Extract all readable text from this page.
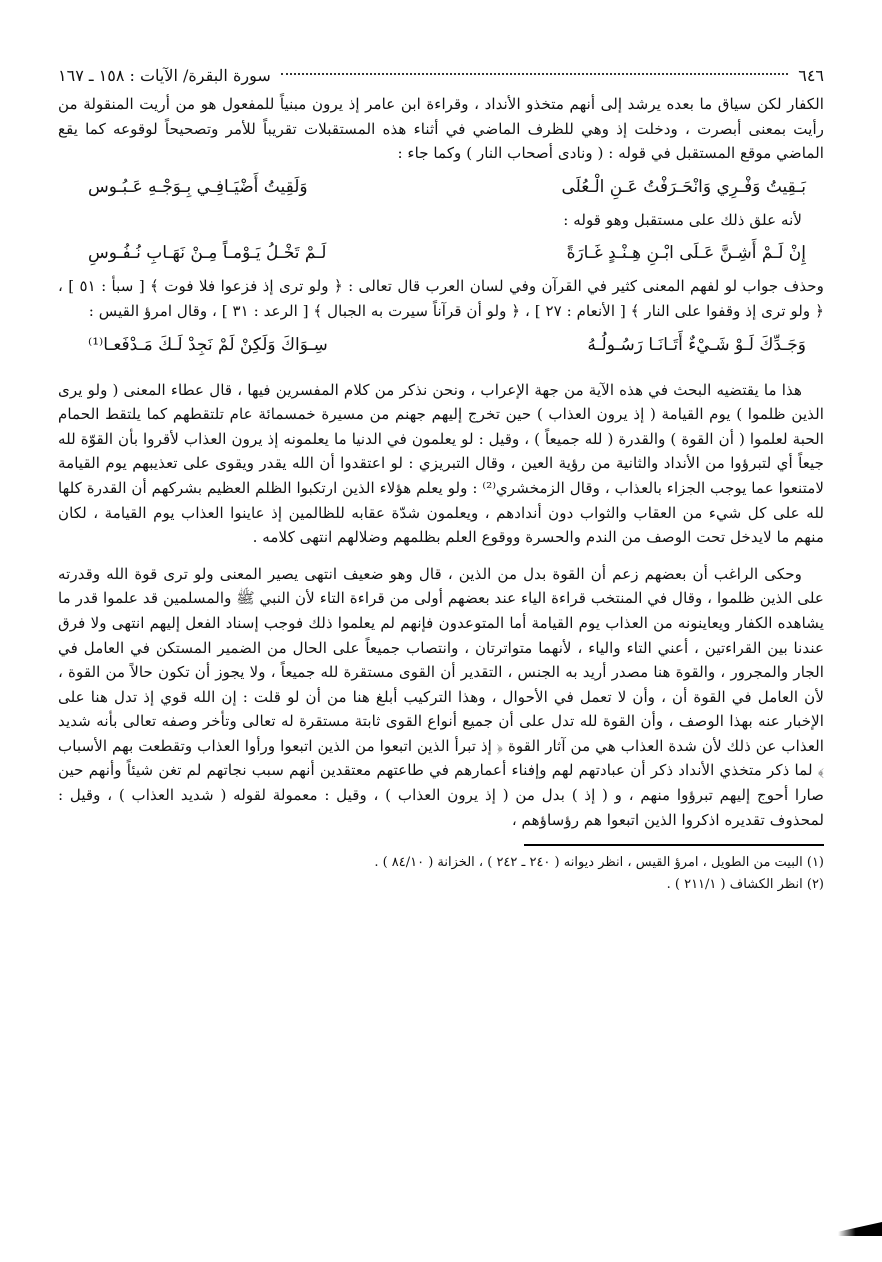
٦٤٦
سورة البقرة/ الآيات : ١٥٨ ـ ١٦٧

الكفار لكن سياق ما بعده يرشد إلى أنهم متخذو الأنداد ، وقراءة ابن عامر إذ يرون مبنياً للمفعول هو من أريت المنقولة من رأيت بمعنى أبصرت ، ودخلت إذ وهي للظرف الماضي في أثناء هذه المستقبلات تقريباً للأمر وتصحيحاً لوقوعه كما يقع الماضي موقع المستقبل في قوله : ( ونادى أصحاب النار ) وكما جاء :

بَـقِيتُ وَفْـرِي وَانْحَـرَفْتُ عَـنِ الْـعُلَى
وَلَقِيتُ أَضْيَـافِـي بِـوَجْـهِ عَـبُـوس

لأنه علق ذلك على مستقبل وهو قوله :

إِنْ لَـمْ أَشِـنَّ عَـلَى ابْـنِ هِـنْـدٍ غَـارَةً
لَـمْ تَخْـلُ يَـوْمـاً مِـنْ نَهَـابِ نُـفُـوسِ

وحذف جواب لو لفهم المعنى كثير في القرآن وفي لسان العرب قال تعالى : ﴿ ولو ترى إذ فزعوا فلا فوت ﴾ [ سبأ : ٥١ ] ، ﴿ ولو ترى إذ وقفوا على النار ﴾ [ الأنعام : ٢٧ ] ، ﴿ ولو أن قرآناً سيرت به الجبال ﴾ [ الرعد : ٣١ ] ، وقال امرؤ القيس :

وَجَـدِّكَ لَـوْ شَـيْءٌ أَتَـانَـا رَسُـولُـهُ
سِـوَاكَ وَلَكِنْ لَمْ نَجِدْ لَـكَ مَـدْفَعـا⁽¹⁾

هذا ما يقتضيه البحث في هذه الآية من جهة الإعراب ، ونحن نذكر من كلام المفسرين فيها ، قال عطاء المعنى ( ولو يرى الذين ظلموا ) يوم القيامة ( إذ يرون العذاب ) حين تخرج إليهم جهنم من مسيرة خمسمائة عام تلتقطهم كما يلتقط الحمام الحبة لعلموا ( أن القوة ) والقدرة ( لله جميعاً ) ، وقيل : لو يعلمون في الدنيا ما يعلمونه إذ يرون العذاب لأقروا بأن القوّة لله جيعاً أي لتبرؤوا من الأنداد والثانية من رؤية العين ، وقال التبريزي : لو اعتقدوا أن الله يقدر ويقوى على تعذيبهم يوم القيامة لامتنعوا عما يوجب الجزاء بالعذاب ، وقال الزمخشري⁽²⁾ : ولو يعلم هؤلاء الذين ارتكبوا الظلم العظيم بشركهم أن القدرة كلها لله على كل شيء من العقاب والثواب دون أندادهم ، ويعلمون شدّة عقابه للظالمين إذ عاينوا العذاب يوم القيامة ، لكان منهم ما لايدخل تحت الوصف من الندم والحسرة ووقوع العلم بظلمهم وضلالهم انتهى كلامه .

وحكى الراغب أن بعضهم زعم أن القوة بدل من الذين ، قال وهو ضعيف انتهى يصير المعنى ولو ترى قوة الله وقدرته على الذين ظلموا ، وقال في المنتخب قراءة الياء عند بعضهم أولى من قراءة التاء لأن النبي ﷺ والمسلمين قد علموا قدر ما يشاهده الكفار ويعاينونه من العذاب يوم القيامة أما المتوعدون فإنهم لم يعلموا ذلك فوجب إسناد الفعل إليهم انتهى ولا فرق عندنا بين القراءتين ، أعني التاء والياء ، لأنهما متواترتان ، وانتصاب جميعاً على الحال من الضمير المستكن في العامل في الجار والمجرور ، والقوة هنا مصدر أريد به الجنس ، التقدير أن القوى مستقرة لله جميعاً ، ولا يجوز أن تكون حالاً من القوة ، لأن العامل في القوة أن ، وأن لا تعمل في الأحوال ، وهذا التركيب أبلغ هنا من أن لو قلت : إن الله قوي إذ تدل هنا على الإخبار عنه بهذا الوصف ، وأن القوة لله تدل على أن جميع أنواع القوى ثابتة مستقرة له تعالى وتأخر وصفه تعالى بأنه شديد العذاب عن ذلك لأن شدة العذاب هي من آثار القوة ﴿ إذ تبرأ الذين اتبعوا من الذين اتبعوا ورأوا العذاب وتقطعت بهم الأسباب ﴾ لما ذكر متخذي الأنداد ذكر أن عبادتهم لهم وإفناء أعمارهم في طاعتهم معتقدين أنهم سبب نجاتهم لم تغن شيئاً وأنهم حين صارا أحوج إليهم تبرؤوا منهم ، و ( إذ ) بدل من ( إذ يرون العذاب ) ، وقيل : معمولة لقوله ( شديد العذاب ) ، وقيل : لمحذوف تقديره اذكروا الذين اتبعوا هم رؤساؤهم ،

(١) البيت من الطويل ، امرؤ القيس ، انظر ديوانه ( ٢٤٠ ـ ٢٤٢ ) ، الخزانة ( ٨٤/١٠ ) .

(٢) انظر الكشاف ( ٢١١/١ ) .
